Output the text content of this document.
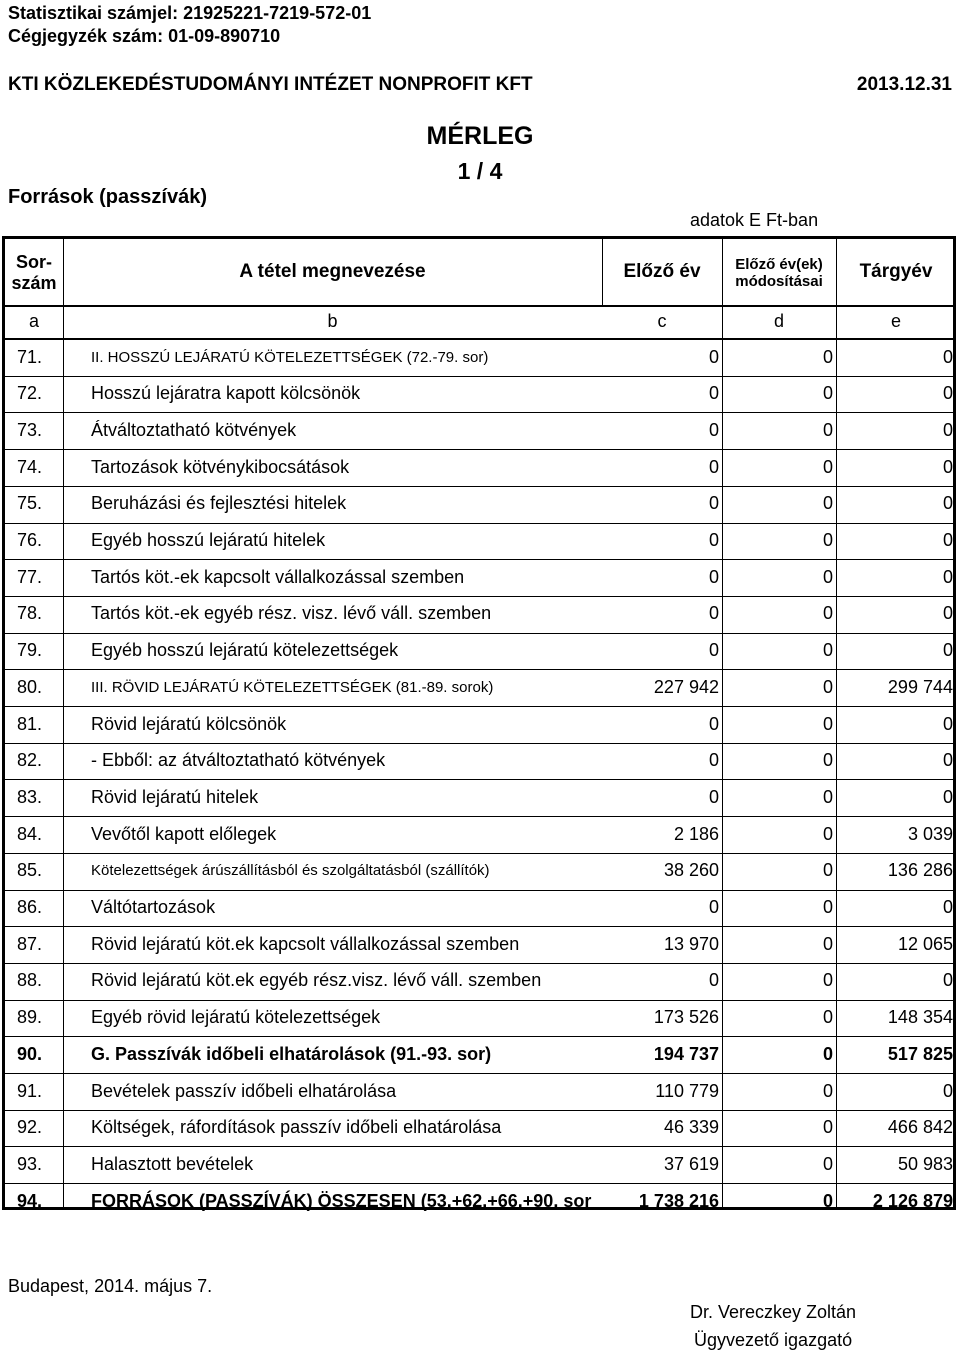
Statisztikai számjel: 21925221-7219-572-01
Cégjegyzék szám: 01-09-890710
KTI KÖZLEKEDÉSTUDOMÁNYI INTÉZET NONPROFIT KFT	2013.12.31
MÉRLEG
1 / 4
Források (passzívák)
adatok E Ft-ban
Sor-
szám
A tétel megnevezése	Előző év	Előző év(ek)
módosításai	Tárgyév
a	b	c	d	e
71.	II. HOSSZÚ LEJÁRATÚ KÖTELEZETTSÉGEK (72.-79. sor)	0	0	0
72.	Hosszú lejáratra kapott kölcsönök	0	0	0
73.	Átváltoztatható kötvények	0	0	0
74.	Tartozások kötvénykibocsátások	0	0	0
75.	Beruházási és fejlesztési hitelek	0	0	0
76.	Egyéb hosszú lejáratú hitelek	0	0	0
77.	Tartós köt.-ek kapcsolt vállalkozással szemben	0	0	0
78.	Tartós köt.-ek egyéb rész. visz. lévő váll. szemben	0	0	0
79.	Egyéb hosszú lejáratú kötelezettségek	0	0	0
80.	III. RÖVID LEJÁRATÚ KÖTELEZETTSÉGEK (81.-89. sorok)	227 942	0	299 744
81.	Rövid lejáratú kölcsönök	0	0	0
82.	- Ebből: az átváltoztatható kötvények	0	0	0
83.	Rövid lejáratú hitelek	0	0	0
84.	Vevőtől kapott előlegek	2 186	0	3 039
85.	Kötelezettségek árúszállításból és szolgáltatásból (szállítók)	38 260	0	136 286
86.	Váltótartozások	0	0	0
87.	Rövid lejáratú köt.ek kapcsolt vállalkozással szemben	13 970	0	12 065
88.	Rövid lejáratú köt.ek egyéb rész.visz. lévő váll. szemben	0	0	0
89.	Egyéb rövid lejáratú kötelezettségek	173 526	0	148 354
90.	G. Passzívák időbeli elhatárolások (91.-93. sor)	194 737	0	517 825
91.	Bevételek passzív időbeli elhatárolása	110 779	0	0
92.	Költségek, ráfordítások passzív időbeli elhatárolása	46 339	0	466 842
93.	Halasztott bevételek	37 619	0	50 983
94.	FORRÁSOK (PASSZÍVÁK) ÖSSZESEN (53.+62.+66.+90. sor	1 738 216	0	2 126 879
Budapest, 2014. május 7.
Dr. Vereczkey Zoltán
Ügyvezető igazgató
